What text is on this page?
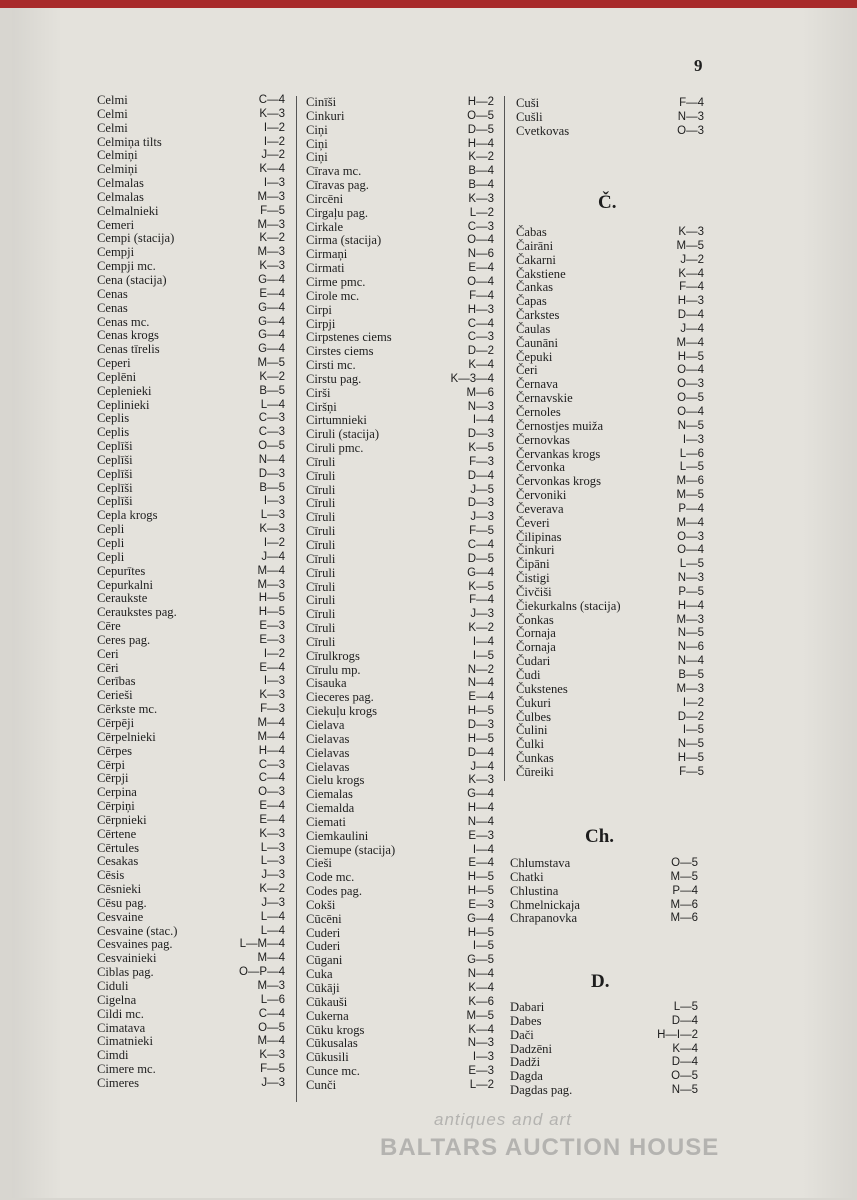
9
Celmi	C—4
Celmi	K—3
Celmi	I—2
Celmiņa tilts	I—2
Celmiņi	J—2
Celmiņi	K—4
Celmalas	I—3
Celmalas	M—3
Celmalnieki	F—5
Cemeri	M—3
Cempi (stacija)	K—2
Cempji	M—3
Cempji mc.	K—3
Cena (stacija)	G—4
Cenas	E—4
Cenas	G—4
Cenas mc.	G—4
Cenas krogs	G—4
Cenas tīrelis	G—4
Ceperi	M—5
Ceplēni	K—2
Ceplenieki	B—5
Ceplinieki	L—4
Ceplis	C—3
Ceplis	C—3
Ceplīši	O—5
Ceplīši	N—4
Ceplīši	D—3
Ceplīši	B—5
Ceplīši	I—3
Cepla krogs	L—3
Cepli	K—3
Cepli	I—2
Cepli	J—4
Cepurītes	M—4
Cepurkalni	M—3
Ceraukste	H—5
Ceraukstes pag.	H—5
Cēre	E—3
Ceres pag.	E—3
Ceri	I—2
Cēri	E—4
Cerības	I—3
Cerieši	K—3
Cērkste mc.	F—3
Cērpēji	M—4
Cērpelnieki	M—4
Cērpes	H—4
Cērpi	C—3
Cērpji	C—4
Cerpina	O—3
Cērpiņi	E—4
Cērpnieki	E—4
Cērtene	K—3
Cērtules	L—3
Cesakas	L—3
Cēsis	J—3
Cēsnieki	K—2
Cēsu pag.	J—3
Cesvaine	L—4
Cesvaine (stac.)	L—4
Cesvaines pag.	L—M—4
Cesvainieki	M—4
Ciblas pag.	O—P—4
Ciduli	M—3
Cigelna	L—6
Cildi mc.	C—4
Cimatava	O—5
Cimatnieki	M—4
Cimdi	K—3
Cimere mc.	F—5
Cimeres	J—3
Cinīši	H—2
Cinkuri	O—5
Ciņi	D—5
Ciņi	H—4
Ciņi	K—2
Cīrava mc.	B—4
Cīravas pag.	B—4
Circēni	K—3
Cirgaļu pag.	L—2
Cirkale	C—3
Cirma (stacija)	O—4
Cirmaņi	N—6
Cirmati	E—4
Cirme pmc.	O—4
Cirole mc.	F—4
Cirpi	H—3
Cirpji	C—4
Cirpstenes ciems	C—3
Cirstes ciems	D—2
Cirsti mc.	K—4
Cirstu pag.	K—3—4
Cirši	M—6
Ciršņi	N—3
Cirtumnieki	I—4
Ciruli (stacija)	D—3
Ciruli pmc.	K—5
Cīruli	F—3
Cīruli	D—4
Cīruli	J—5
Cīruli	D—3
Cīruli	J—3
Cīruli	F—5
Cīruli	C—4
Cīruli	D—5
Cīruli	G—4
Cīruli	K—5
Ciruli	F—4
Cīruli	J—3
Cīruli	K—2
Cīruli	I—4
Cīrulkrogs	I—5
Cīrulu mp.	N—2
Cisauka	N—4
Cieceres pag.	E—4
Ciekuļu krogs	H—5
Cielava	D—3
Cielavas	H—5
Cielavas	D—4
Cielavas	J—4
Cielu krogs	K—3
Ciemalas	G—4
Ciemalda	H—4
Ciemati	N—4
Ciemkaulini	E—3
Ciemupe (stacija)	I—4
Cieši	E—4
Code mc.	H—5
Codes pag.	H—5
Cokši	E—3
Cūcēni	G—4
Cuderi	H—5
Cuderi	I—5
Cūgani	G—5
Cuka	N—4
Cūkāji	K—4
Cūkauši	K—6
Cukerna	M—5
Cūku krogs	K—4
Cūkusalas	N—3
Cūkusili	I—3
Cunce mc.	E—3
Cunči	L—2
Cuši	F—4
Cušli	N—3
Cvetkovas	O—3
Č.
Čabas	K—3
Čairāni	M—5
Čakarni	J—2
Čakstiene	K—4
Čankas	F—4
Čapas	H—3
Čarkstes	D—4
Čaulas	J—4
Čaunāni	M—4
Čepuki	H—5
Čeri	O—4
Černava	O—3
Černavskie	O—5
Černoles	O—4
Černostjes muiža	N—5
Černovkas	I—3
Červankas krogs	L—6
Červonka	L—5
Červonkas krogs	M—6
Červoniki	M—5
Čeverava	P—4
Čeveri	M—4
Čilipinas	O—3
Činkuri	O—4
Čipāni	L—5
Čistigi	N—3
Čivčiši	P—5
Čiekurkalns (stacija)	H—4
Čonkas	M—3
Čornaja	N—5
Čornaja	N—6
Čudari	N—4
Čudi	B—5
Čukstenes	M—3
Čukuri	I—2
Čulbes	D—2
Čulini	I—5
Čulki	N—5
Čunkas	H—5
Čūreiki	F—5
Ch.
Chlumstava	O—5
Chatki	M—5
Chlustina	P—4
Chmelnickaja	M—6
Chrapanovka	M—6
D.
Dabari	L—5
Dabes	D—4
Dači	H—I—2
Dadzēni	K—4
Dadži	D—4
Dagda	O—5
Dagdas pag.	N—5
antiques and art
BALTARS AUCTION HOUSE
